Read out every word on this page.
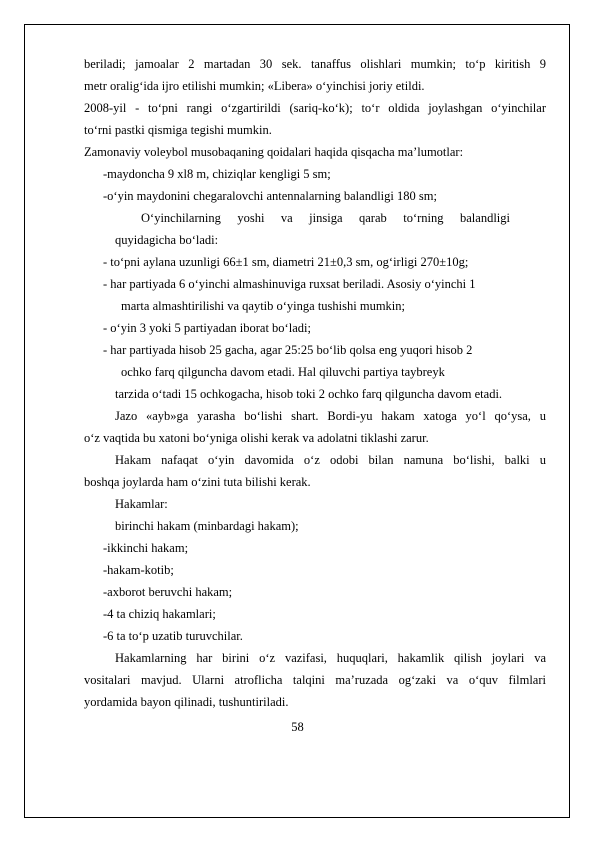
beriladi; jamoalar 2 martadan 30 sek. tanaffus olishlari mumkin; to‘p kiritish 9
metr oralig‘ida ijro etilishi mumkin; «Libera» o‘yinchisi joriy etildi.
2008-yil - to‘pni rangi o‘zgartirildi (sariq-ko‘k); to‘r oldida joylashgan o‘yinchilar
to‘rni pastki qismiga tegishi mumkin.
Zamonaviy voleybol musobaqaning qoidalari haqida qisqacha ma’lumotlar:
-maydoncha 9 xl8 m, chiziqlar kengligi 5 sm;
-o‘yin maydonini chegaralovchi antennalarning balandligi 180 sm;
O‘yinchilarning yoshi va jinsiga qarab to‘rning balandligi
quyidagicha bo‘ladi:
- to‘pni aylana uzunligi 66±1 sm, diametri 21±0,3 sm, og‘irligi 270±10g;
- har partiyada 6 o‘yinchi almashinuviga ruxsat beriladi. Asosiy o‘yinchi 1
marta almashtirilishi va qaytib o‘yinga tushishi mumkin;
- o‘yin 3 yoki 5 partiyadan iborat bo‘ladi;
- har partiyada hisob 25 gacha, agar 25:25 bo‘lib qolsa eng yuqori hisob 2
ochko farq qilguncha davom etadi. Hal qiluvchi partiya taybreyk
tarzida o‘tadi 15 ochkogacha, hisob toki 2 ochko farq qilguncha davom etadi.
Jazo «ayb»ga yarasha bo‘lishi shart. Bordi-yu hakam xatoga yo‘l qo‘ysa, u
o‘z vaqtida bu xatoni bo‘yniga olishi kerak va adolatni tiklashi zarur.
Hakam nafaqat o‘yin davomida o‘z odobi bilan namuna bo‘lishi, balki u
boshqa joylarda ham o‘zini tuta bilishi kerak.
Hakamlar:
birinchi hakam (minbardagi hakam);
-ikkinchi hakam;
-hakam-kotib;
-axborot beruvchi hakam;
-4 ta chiziq hakamlari;
-6 ta to‘p uzatib turuvchilar.
Hakamlarning har birini o‘z vazifasi, huquqlari, hakamlik qilish joylari va
vositalari mavjud. Ularni atroflicha talqini ma’ruzada og‘zaki va o‘quv filmlari
yordamida bayon qilinadi, tushuntiriladi.
58
